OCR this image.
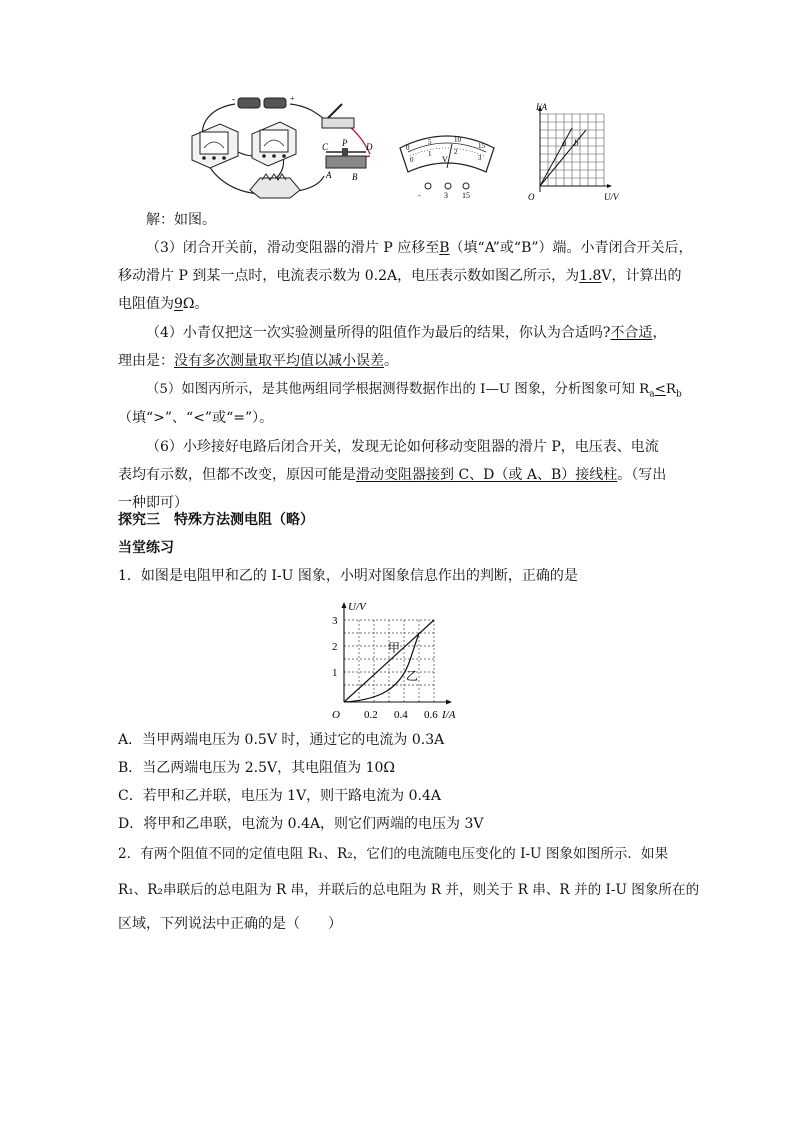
-	+
C P D
A B
0
1	2
3
0
5	10
15
V
-	3 15
I/A
U/V
O
a b
解：如图。
（3）闭合开关前，滑动变阻器的滑片 P 应移至B（填“A”或“B”）端。小青闭合开关后，
移动滑片 P 到某一点时，电流表示数为 0.2A，电压表示数如图乙所示，为1.8V，计算出的
电阻值为9Ω。
（4）小青仅把这一次实验测量所得的阻值作为最后的结果，你认为合适吗?不合适，
理由是：没有多次测量取平均值以减小误差。
（5）如图丙所示，是其他两组同学根据测得数据作出的 I—U 图象，分析图象可知 $R_a<R_b$
（填“>”、“<”或“=”）。
（6）小珍接好电路后闭合开关，发现无论如何移动变阻器的滑片 P，电压表、电流
表均有示数，但都不改变，原因可能是滑动变阻器接到 C、D（或 A、B）接线柱。（写出
一种即可）
探究三　特殊方法测电阻（略）
当堂练习
1．如图是电阻甲和乙的 I-U 图象，小明对图象信息作出的判断，正确的是
U/V
I/A
O
1
2
3
0.2 0.4 0.6
甲
乙
A．当甲两端电压为 0.5V 时，通过它的电流为 0.3A
B．当乙两端电压为 2.5V，其电阻值为 10Ω
C．若甲和乙并联，电压为 1V，则干路电流为 0.4A
D．将甲和乙串联，电流为 0.4A，则它们两端的电压为 3V
2．有两个阻值不同的定值电阻 R₁、R₂，它们的电流随电压变化的 I-U 图象如图所示．如果
R₁、R₂串联后的总电阻为 R 串，并联后的总电阻为 R 并，则关于 R 串、R 并的 I-U 图象所在的
区域，下列说法中正确的是（　　）
